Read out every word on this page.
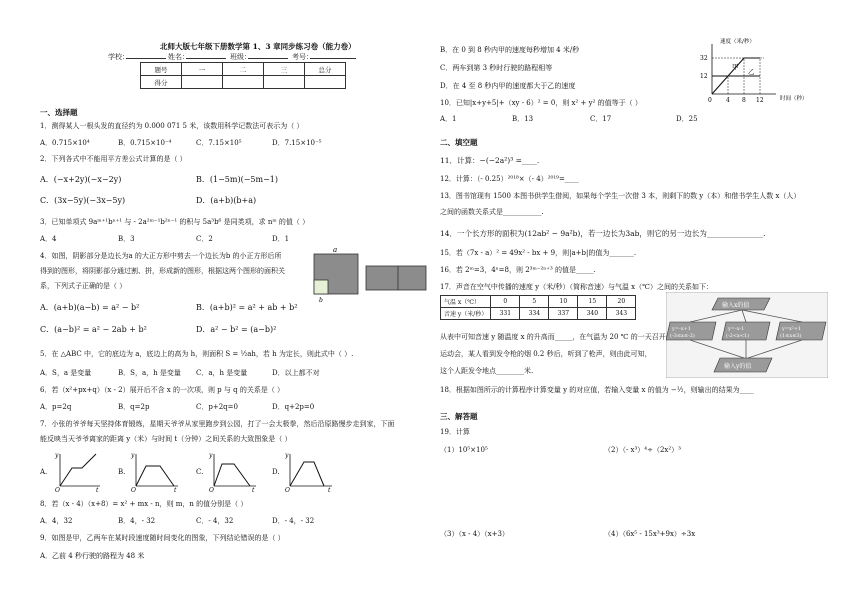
北师大版七年级下册数学第 1、3 章同步练习卷（能力卷）
学校：	姓名：	班级：	考号：
题号	一	二	三	总分
得分				
一、选择题
1．测得某人一根头发的直径约为 0.000 071 5 米，该数用科学记数法可表示为（ ）
A．0.715×10⁴	B．0.715×10⁻⁴	C．7.15×10⁵	D．7.15×10⁻⁵
2．下列各式中不能用平方差公式计算的是（ ）
A．(−x+2y)(−x−2y)	B．(1−5m)(−5m−1)
C．(3x−5y)(−3x−5y)	D．(a+b)(b+a)
3．已知单项式 9aᵐ⁺¹bⁿ⁺¹ 与 - 2a²ᵐ⁻¹b²ⁿ⁻¹ 的积与 5a³b⁶ 是同类项，求 nᵐ 的值（ ）
A．4	B．3	C．2	D．1
4．如图，阴影部分是边长为a 的大正方形中剪去一个边长为b 的小正方形后所
得到的图形，将阴影部分通过割、拼，形成新的图形，根据这两个图形的面积关
系，下列式子正确的是（ ）
a
b
A．(a+b)(a−b) = a² − b²	B．(a+b)² = a² + ab + b²
C．(a−b)² = a² − 2ab + b²	D．a² − b² = (a−b)²
5．在 △ABC 中，它的底边为 a，底边上的高为 h，则面积 S = ½ah，若 h 为定长，则此式中（ ）.
A．S，a 是变量	B．S，a，h 是变量 C．a，h 是变量	D．以上都不对
6．若（x²+px+q）（x - 2）展开后不含 x 的一次项，则 p 与 q 的关系是（ ）
A．p=2q	B．q=2p	C．p+2q=0	D．q+2p=0
7．小张的爷爷每天坚持体育锻炼，星期天爷爷从家里跑步到公园，打了一会太极拳，然后沿原路慢步走到家，下面
能反映当天爷爷离家的距离 y（米）与时间 t（分钟）之间关系的大致图象是（ ）
A.
y
O	t
B.
y
O	t
C.
y
O	t
D.
y
O	t
8．若（x - 4）（x+8）= x² + mx - n，则 m，n 的值分别是（ ）
A．4，32	B．4，- 32	C．- 4，32	D．- 4，- 32
9．如图是甲，乙两车在某时段速度随时间变化的图象，下列结论错误的是（ ）
A．乙前 4 秒行驶的路程为 48 米
B．在 0 到 8 秒内甲的速度每秒增加 4 米/秒
C．两车到第 3 秒时行驶的路程相等
D．在 4 至 8 秒内甲的速度都大于乙的速度
速度（米/秒）
甲
乙
32
12
0 4 8 12	时间（秒）
10．已知|x+y+5|+（xy - 6）² = 0，则 x² + y² 的值等于（ ）
A．1	B．13	C．17	D．25
二、填空题
11．计算：−(−2a²)³ =____.
12．计算：（- 0.25）²⁰¹⁸×（- 4）²⁰¹⁹=____
13．图书馆现有 1500 本图书供学生借阅，如果每个学生一次借 3 本，则剩下的数 y（本）和借书学生人数 x（人）
之间的函数关系式是___________.
14．一个长方形的面积为(12ab² − 9a²b)，若一边长为3ab，则它的另一边长为_______________.
15．若（7x - a）² = 49x² - bx + 9，则|a+b|的值为_______.
16．若 2ᵐ=3，4ⁿ=8，则 2³ᵐ⁻²ⁿ⁺³ 的值是_____.
17．声音在空气中传播的速度 y（米/秒）（简称音速）与气温 x（℃）之间的关系如下：
气温 x（℃）	0	5	10	15	20
音速 y（米/秒）	331	334	337	340	343
从表中可知音速 y 随温度 x 的升高而_____，在气温为 20 ℃ 的一天召开
运动会，某人看到发令枪的烟 0.2 秒后，听到了枪声，则由此可知，
这个人距发令地点________米.
输入x的值
y=-x+1 (-3≤x≤-2)
y=-x-1 (-2<x<1)
y=x²+1 (1≤x≤3)
输入y的值
18．根据如图所示的计算程序计算变量 y 的对应值，若输入变量 x 的值为 −½，则输出的结果为____
三、解答题
19．计算
（1）10⁵×10⁵	（2）（- x³）⁴÷（2x²）³
（3）（x - 4）（x+3）	（4）（6x⁵ - 15x³+9x）÷3x
